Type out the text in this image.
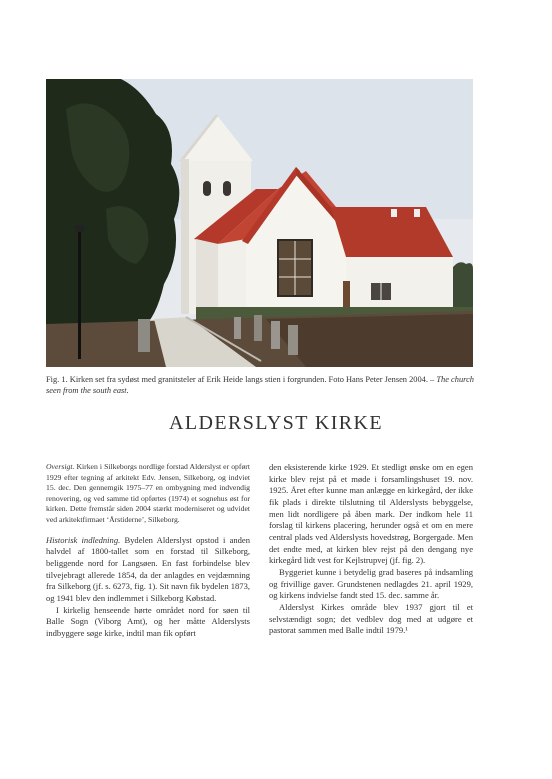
Fig. 1. Kirken set fra sydøst med granitsteler af Erik Heide langs stien i forgrunden. Foto Hans Peter Jensen 2004. – The church seen from the south east.
ALDERSLYST KIRKE

Oversigt. Kirken i Silkeborgs nordlige forstad Alderslyst er opført 1929 efter tegning af arkitekt Edv. Jensen, Silkeborg, og indviet 15. dec. Den gennemgik 1975–77 en ombygning med indvendig renovering, og ved samme tid opførtes (1974) et sognehus øst for kirken. Dette fremstår siden 2004 stærkt moderniseret og udvidet ved arkitektfirmaet ‘Årstiderne’, Silkeborg.

Historisk indledning. Bydelen Alderslyst opstod i anden halvdel af 1800-tallet som en forstad til Silkeborg, beliggende nord for Langsøen. En fast forbindelse blev tilvejebragt allerede 1854, da der anlagdes en vejdæmning fra Silkeborg (jf. s. 6273, fig. 1). Sit navn fik bydelen 1873, og 1941 blev den indlemmet i Silkeborg Købstad.

I kirkelig henseende hørte området nord for søen til Balle Sogn (Viborg Amt), og her måtte Alderslysts indbyggere søge kirke, indtil man fik opført

den eksisterende kirke 1929. Et stedligt ønske om en egen kirke blev rejst på et møde i forsamlingshuset 19. nov. 1925. Året efter kunne man anlægge en kirkegård, der ikke fik plads i direkte tilslutning til Alderslysts bebyggelse, men lidt nordligere på åben mark. Der indkom hele 11 forslag til kirkens placering, herunder også et om en mere central plads ved Alderslysts hovedstrøg, Borgergade. Men det endte med, at kirken blev rejst på den dengang nye kirkegård lidt vest for Kejlstrupvej (jf. fig. 2).

Byggeriet kunne i betydelig grad baseres på indsamling og frivillige gaver. Grundstenen nedlagdes 21. april 1929, og kirkens indvielse fandt sted 15. dec. samme år.

Alderslyst Kirkes område blev 1937 gjort til et selvstændigt sogn; det vedblev dog med at udgøre et pastorat sammen med Balle indtil 1979.¹
